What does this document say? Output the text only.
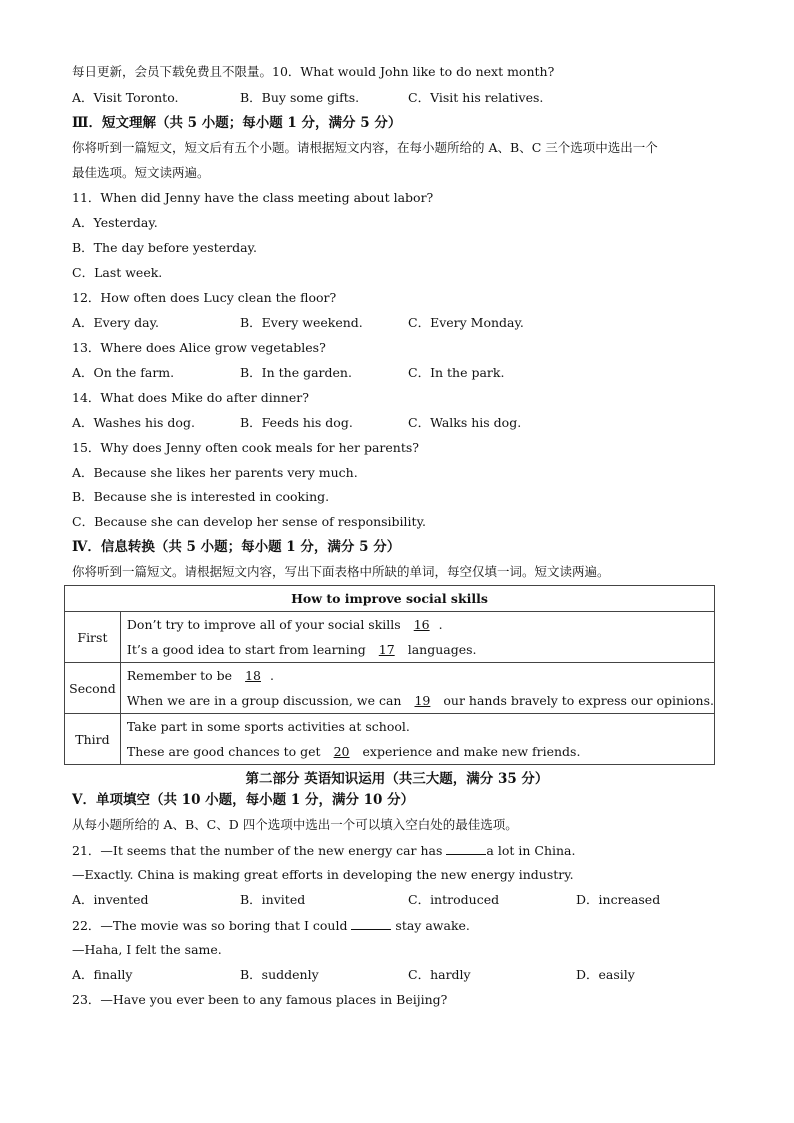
每日更新，会员下载免费且不限量。10．What would John like to do next month?
A．Visit Toronto.	B．Buy some gifts.	C．Visit his relatives.
Ⅲ．短文理解（共 5 小题；每小题 1 分，满分 5 分）
你将听到一篇短文，短文后有五个小题。请根据短文内容，在每小题所给的 A、B、C 三个选项中选出一个
最佳选项。短文读两遍。
11．When did Jenny have the class meeting about labor?
A．Yesterday.
B．The day before yesterday.
C．Last week.
12．How often does Lucy clean the floor?
A．Every day.	B．Every weekend.	C．Every Monday.
13．Where does Alice grow vegetables?
A．On the farm.	B．In the garden.	C．In the park.
14．What does Mike do after dinner?
A．Washes his dog.	B．Feeds his dog.	C．Walks his dog.
15．Why does Jenny often cook meals for her parents?
A．Because she likes her parents very much.
B．Because she is interested in cooking.
C．Because she can develop her sense of responsibility.
Ⅳ．信息转换（共 5 小题；每小题 1 分，满分 5 分）
你将听到一篇短文。请根据短文内容，写出下面表格中所缺的单词，每空仅填一词。短文读两遍。
How to improve social skills	
First	Don’t try to improve all of your social skills 16 .
It’s a good idea to start from learning 17 languages.

Second	Remember to be 18 .
When we are in a group discussion, we can 19 our hands bravely to express our opinions.

Third	Take part in some sports activities at school.
These are good chances to get 20 experience and make new friends.
第二部分 英语知识运用（共三大题，满分 35 分）
Ⅴ．单项填空（共 10 小题，每小题 1 分，满分 10 分）
从每小题所给的 A、B、C、D 四个选项中选出一个可以填入空白处的最佳选项。
21．—It seems that the number of the new energy car has	a lot in China.
—Exactly. China is making great efforts in developing the new energy industry.
A．invented	B．invited	C．introduced	D．increased
22．—The movie was so boring that I could	stay awake.
—Haha, I felt the same.
A．finally	B．suddenly	C．hardly	D．easily
23．—Have you ever been to any famous places in Beijing?
